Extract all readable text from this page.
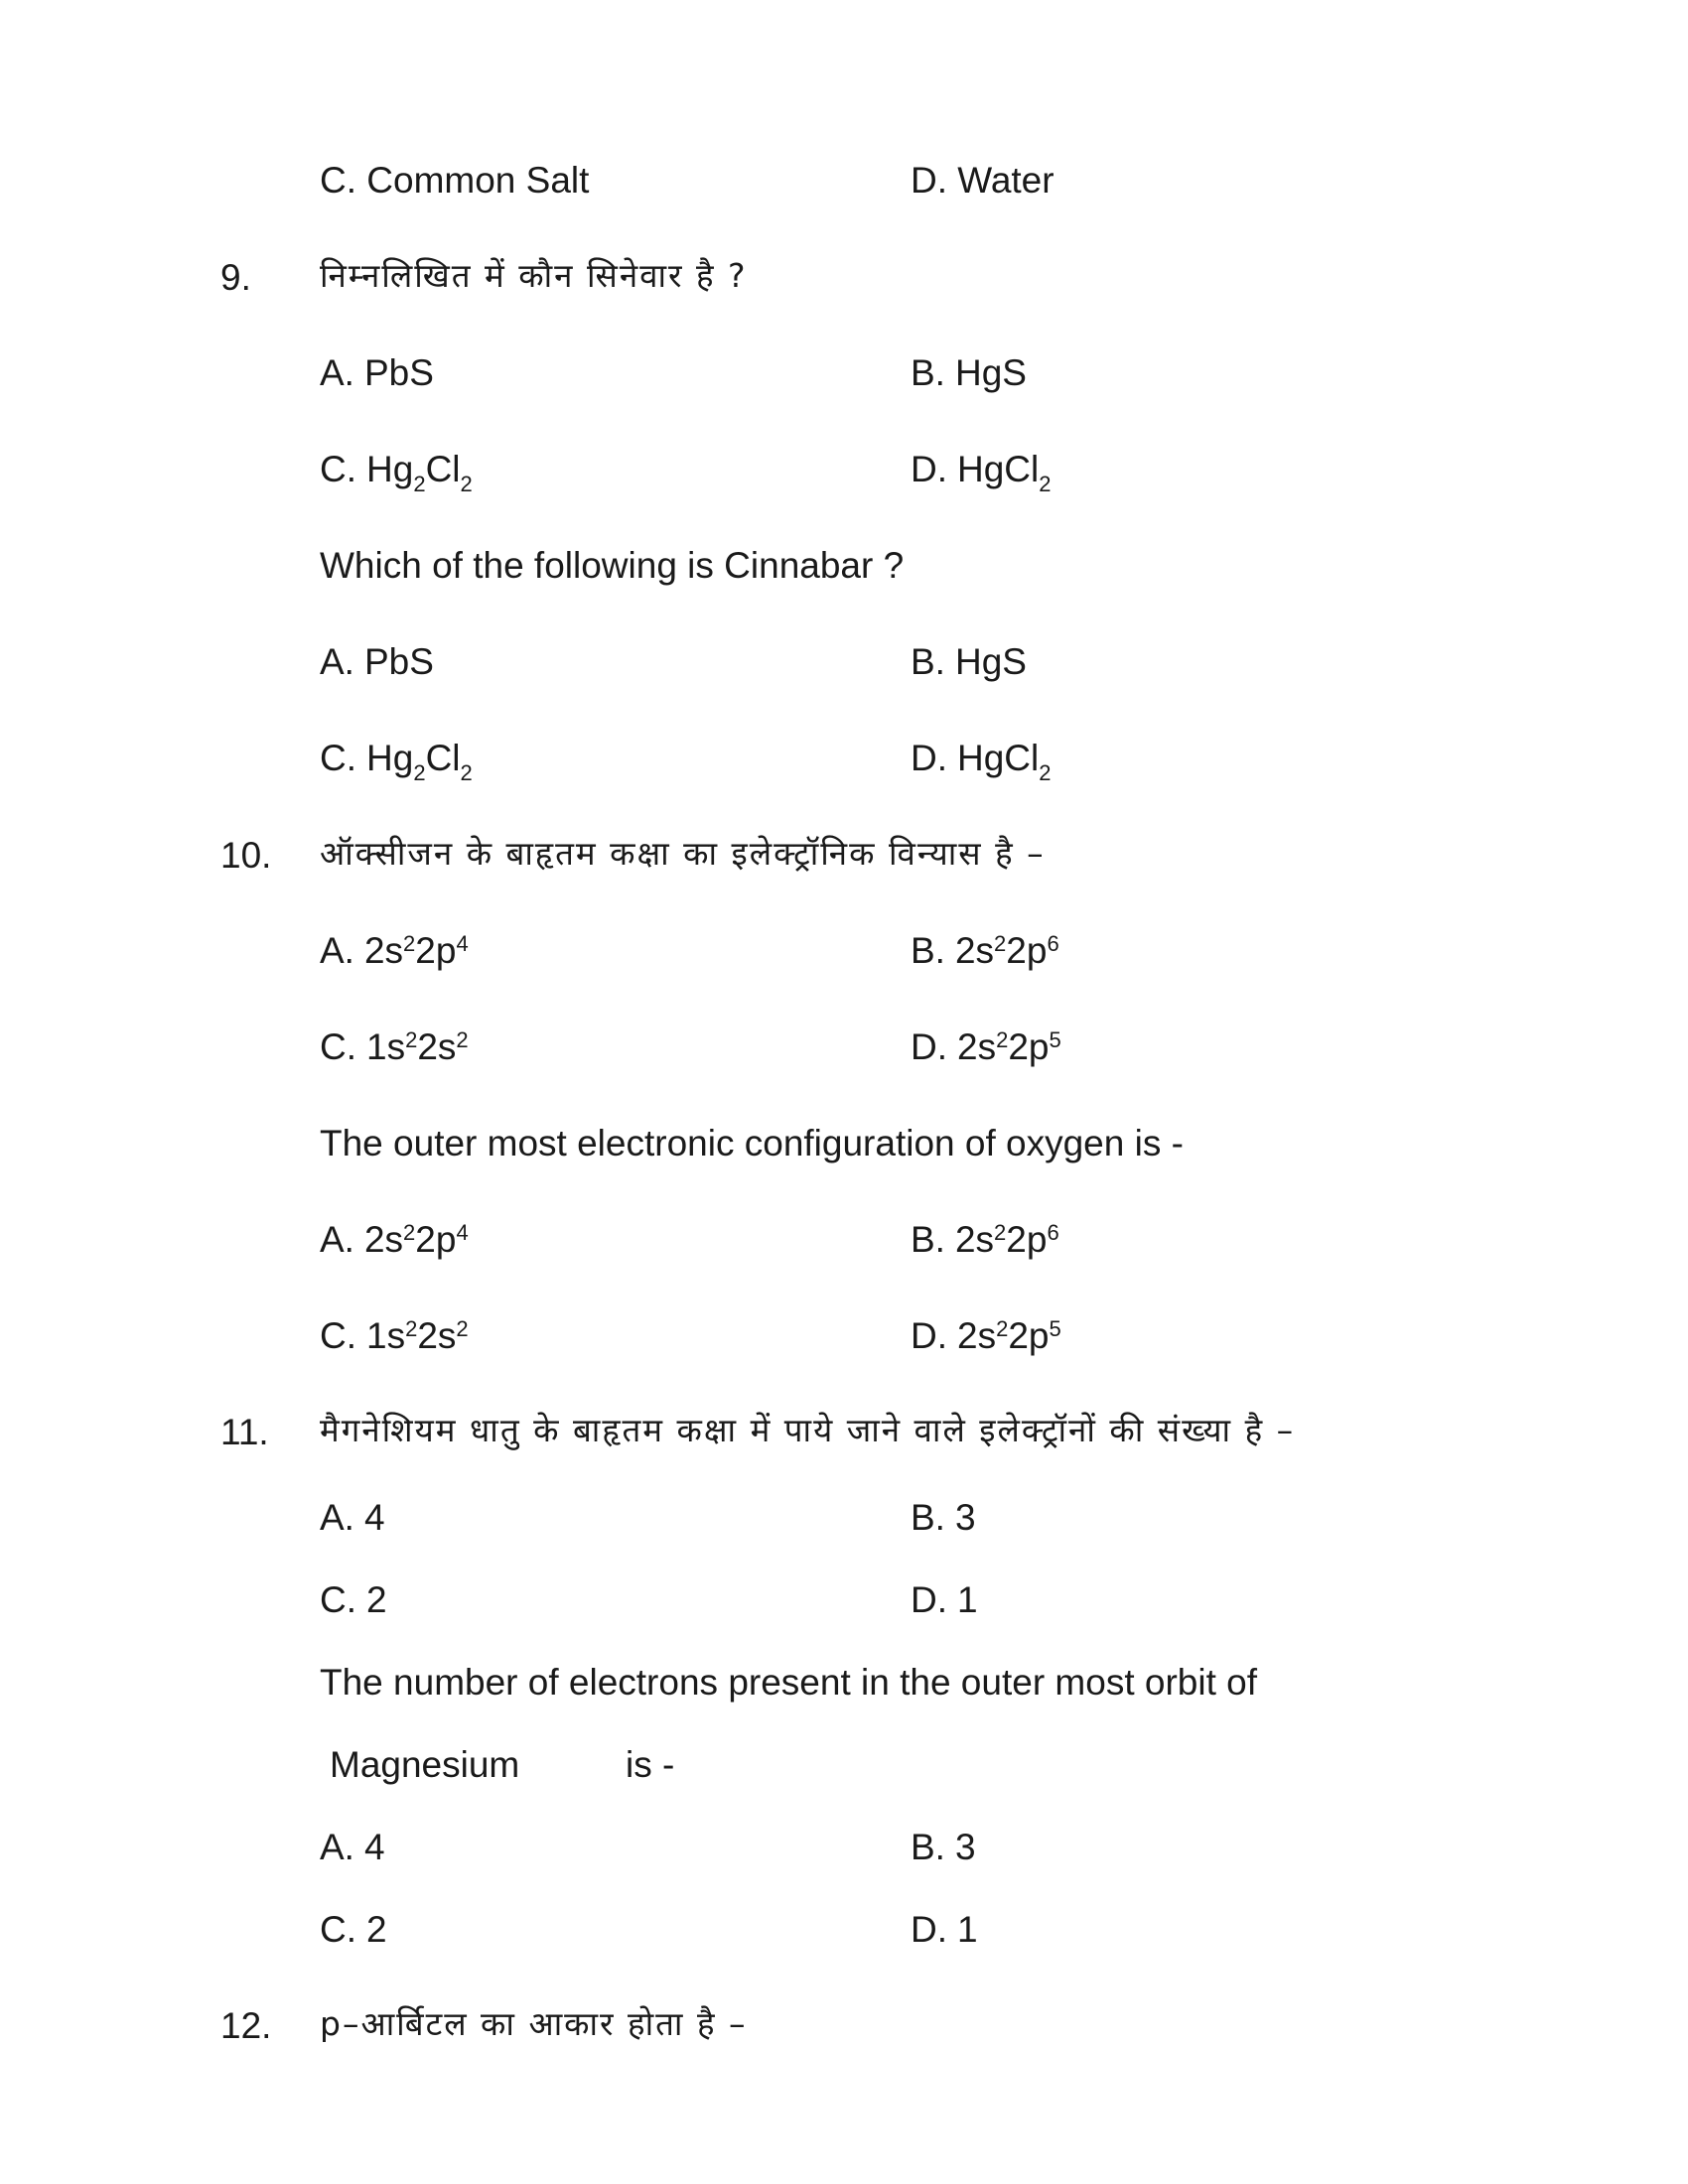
C. Common Salt	D. Water
9. निम्नलिखित में कौन सिनेवार है ?
A. PbS	B. HgS
C. $Hg_2Cl_2$	D. HgCl$_2$
Which of the following is Cinnabar ?
A. PbS	B. HgS
C. $Hg_2Cl_2$	D. HgCl$_2$
10. ऑक्सीजन के बाहृतम कक्षा का इलेक्ट्रॉनिक विन्यास है –
A. $2s^22p^4$	B. $2s^22p^6$
C. $1s^22s^2$	D. $2s^22p^5$
The outer most electronic configuration of oxygen is -
A. $2s^22p^4$	B. $2s^22p^6$
C. $1s^22s^2$	D. $2s^22p^5$
11. मैगनेशियम धातु के बाहृतम कक्षा में पाये जाने वाले इलेक्ट्रॉनों की संख्या है –
A. 4	B. 3
C. 2	D. 1
The number of electrons present in the outer most orbit of
Magnesium	is -
A. 4	B. 3
C. 2	D. 1
12. p–आर्बिटल का आकार होता है –
